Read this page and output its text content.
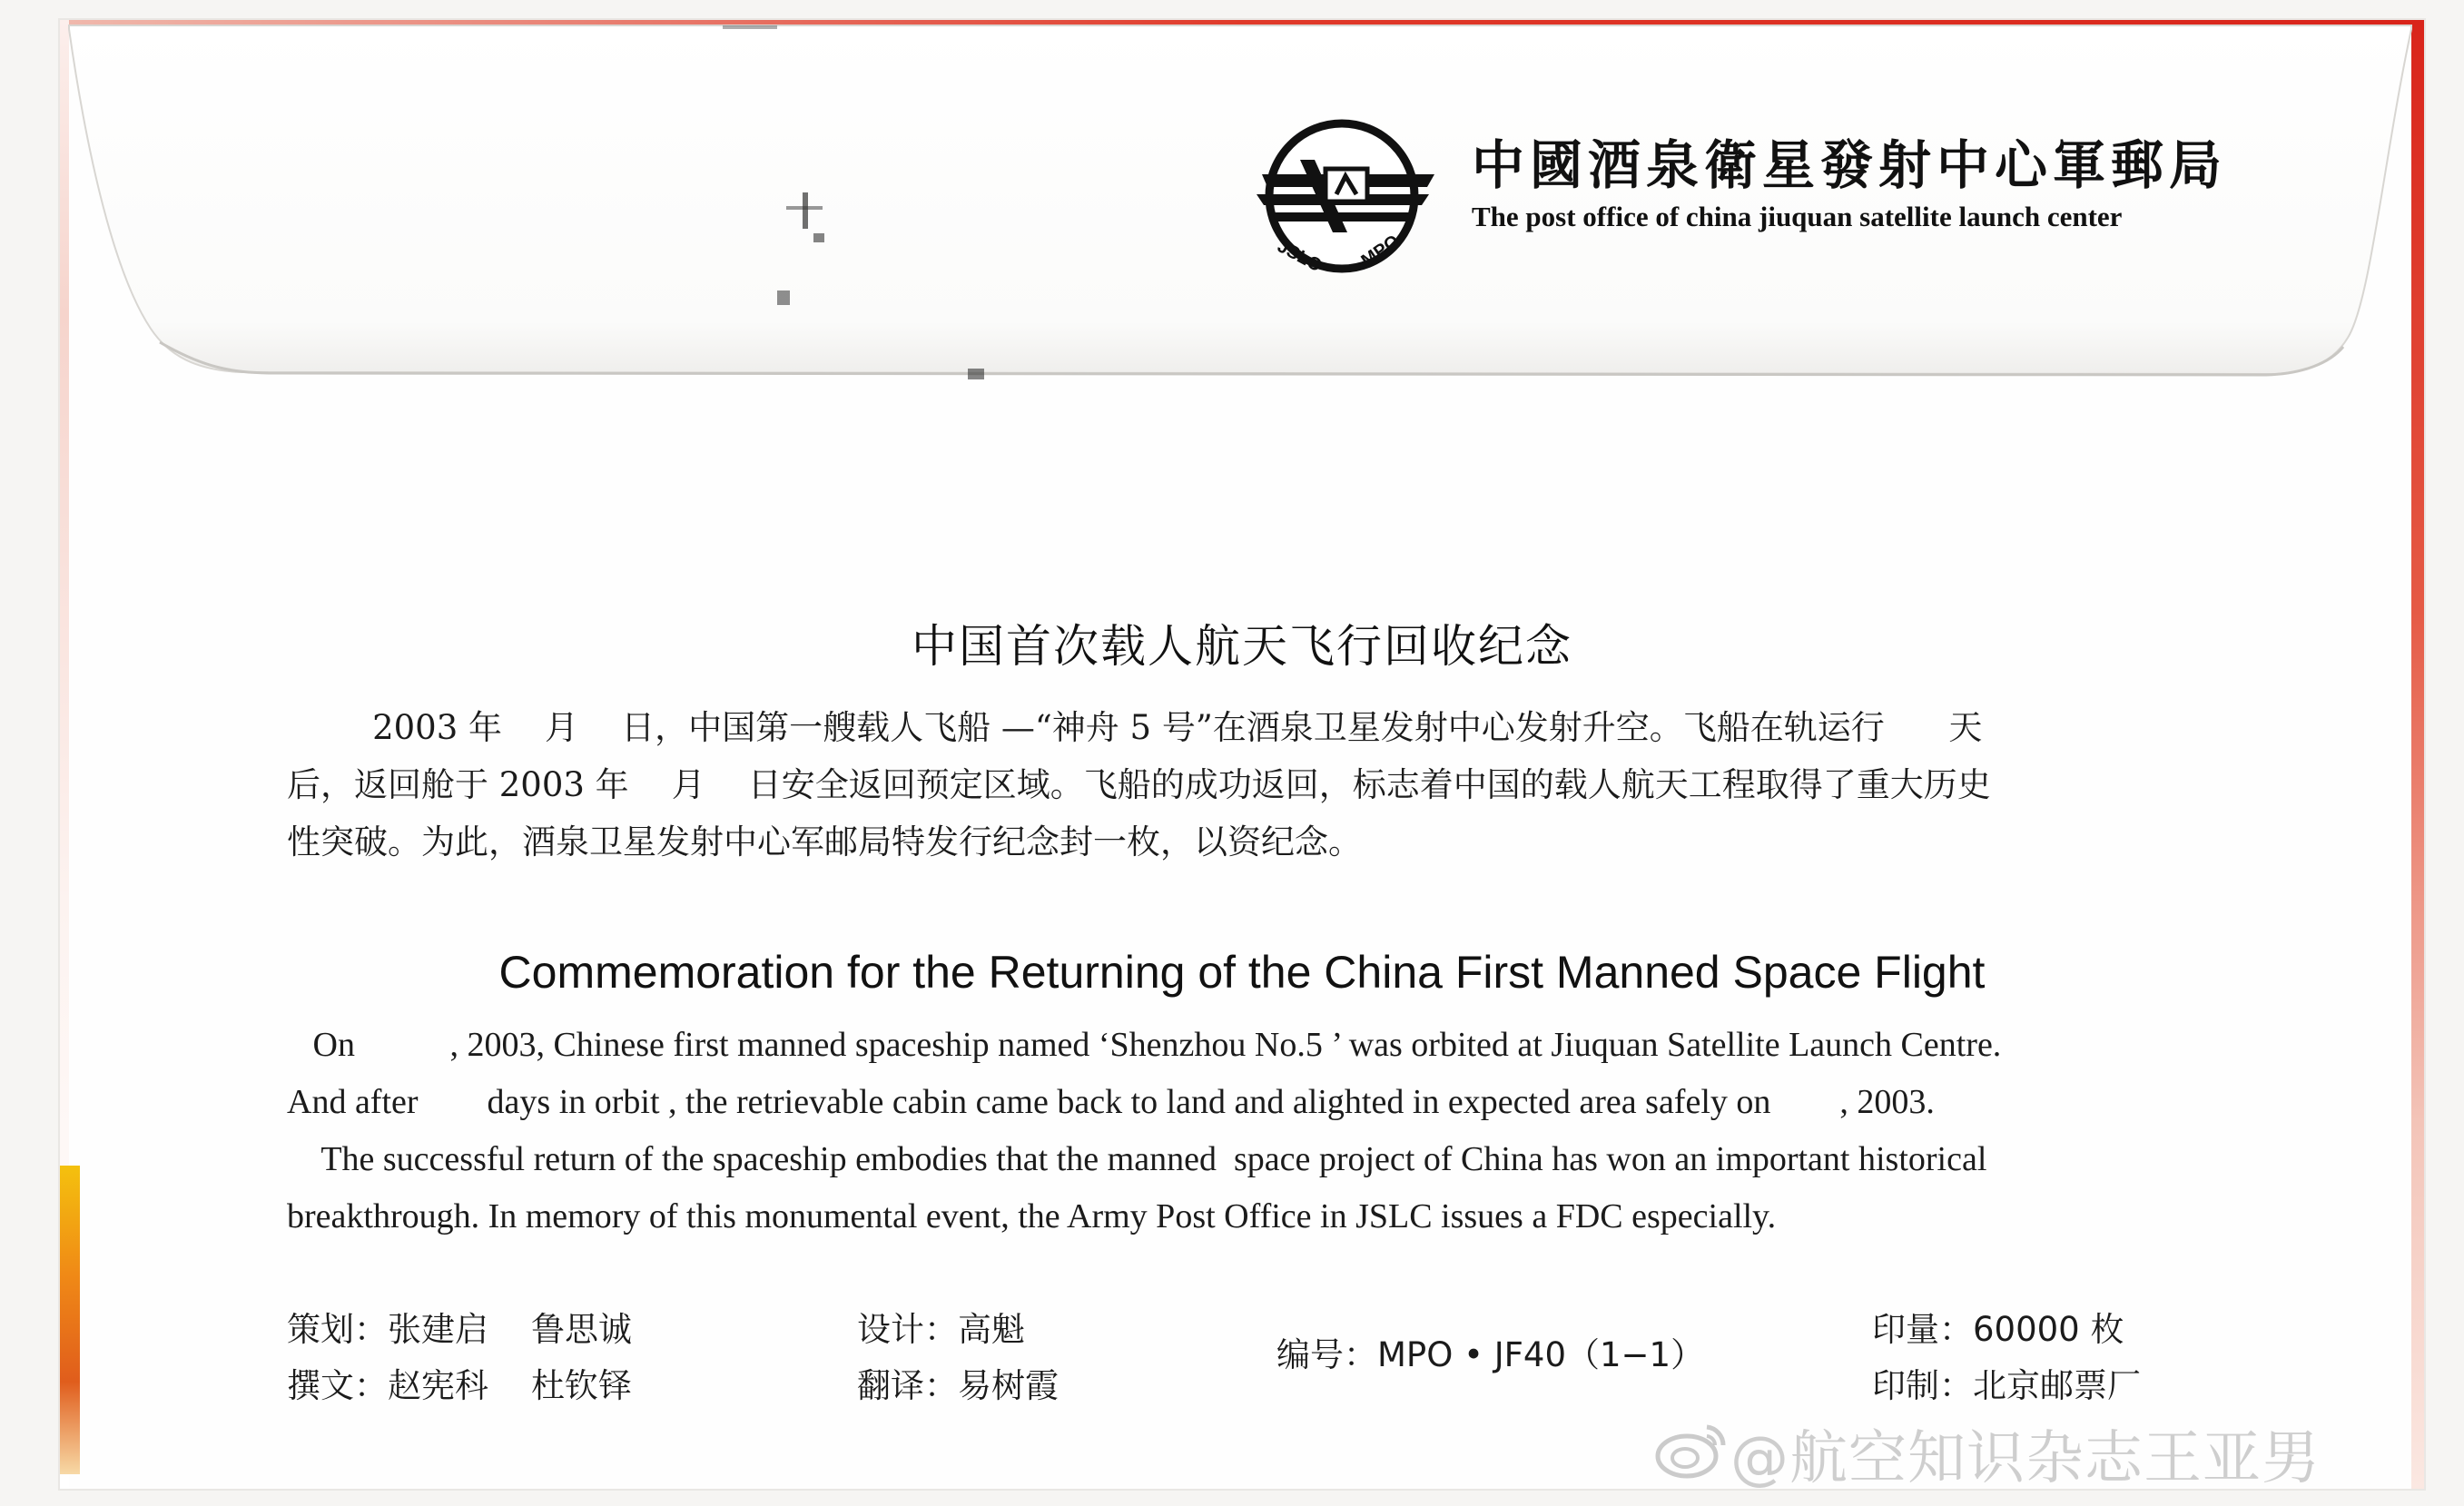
JSLC MPO
中國酒泉衛星發射中心軍郵局
The post office of china jiuquan satellite launch center
中国首次载人航天飞行回收纪念
2003 年    月    日，中国第一艘载人飞船 —“神舟 5 号”在酒泉卫星发射中心发射升空。飞船在轨运行      天
后，返回舱于 2003 年    月    日安全返回预定区域。飞船的成功返回，标志着中国的载人航天工程取得了重大历史
性突破。为此，酒泉卫星发射中心军邮局特发行纪念封一枚，以资纪念。
Commemoration for the Returning of the China First Manned Space Flight
On           , 2003, Chinese first manned spaceship named ‘Shenzhou No.5 ’ was orbited at Jiuquan Satellite Launch Centre.
And after        days in orbit , the retrievable cabin came back to land and alighted in expected area safely on        , 2003.
The successful return of the spaceship embodies that the manned  space project of China has won an important historical
breakthrough. In memory of this monumental event, the Army Post Office in JSLC issues a FDC especially.
策划：张建启    鲁思诚
撰文：赵宪科    杜钦铎
设计：高魁
翻译：易树霞
编号：MPO • JF40（1−1）
印量：60000 枚
印制：北京邮票厂
@航空知识杂志王亚男
